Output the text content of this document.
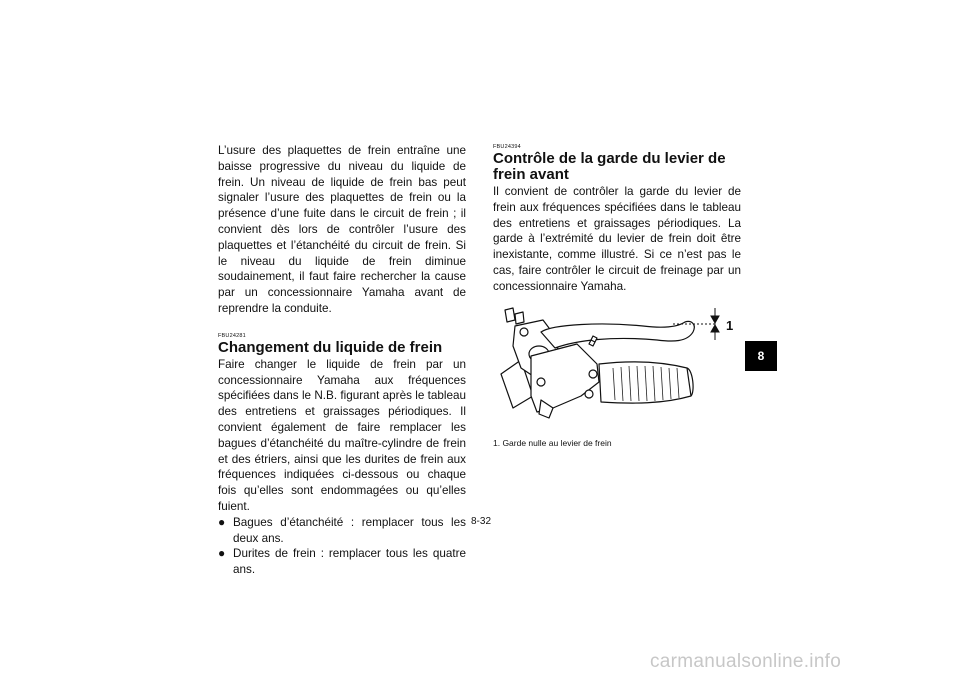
L’usure des plaquettes de frein entraîne une baisse progressive du niveau du liquide de frein. Un niveau de liquide de frein bas peut signaler l’usure des plaquettes de frein ou la présence d’une fuite dans le circuit de frein ; il convient dès lors de contrôler l’usure des plaquettes et l’étanchéité du circuit de frein. Si le niveau du liquide de frein diminue soudainement, il faut faire rechercher la cause par un concessionnaire Yamaha avant de reprendre la conduite.

FBU24281

Changement du liquide de frein

Faire changer le liquide de frein par un concessionnaire Yamaha aux fréquences spécifiées dans le N.B. figurant après le tableau des entretiens et graissages périodiques. Il convient également de faire remplacer les bagues d’étanchéité du maître-cylindre de frein et des étriers, ainsi que les durites de frein aux fréquences indiquées ci-dessous ou chaque fois qu’elles sont endommagées ou qu’elles fuient.

● Bagues d’étanchéité : remplacer tous les deux ans.
● Durites de frein : remplacer tous les quatre ans.

FBU24394

Contrôle de la garde du levier de frein avant

Il convient de contrôler la garde du levier de frein aux fréquences spécifiées dans le tableau des entretiens et graissages périodiques. La garde à l’extrémité du levier de frein doit être inexistante, comme illustré. Si ce n’est pas le cas, faire contrôler le circuit de freinage par un concessionnaire Yamaha.

1
1. Garde nulle au levier de frein
8-32
8
carmanualsonline.info
